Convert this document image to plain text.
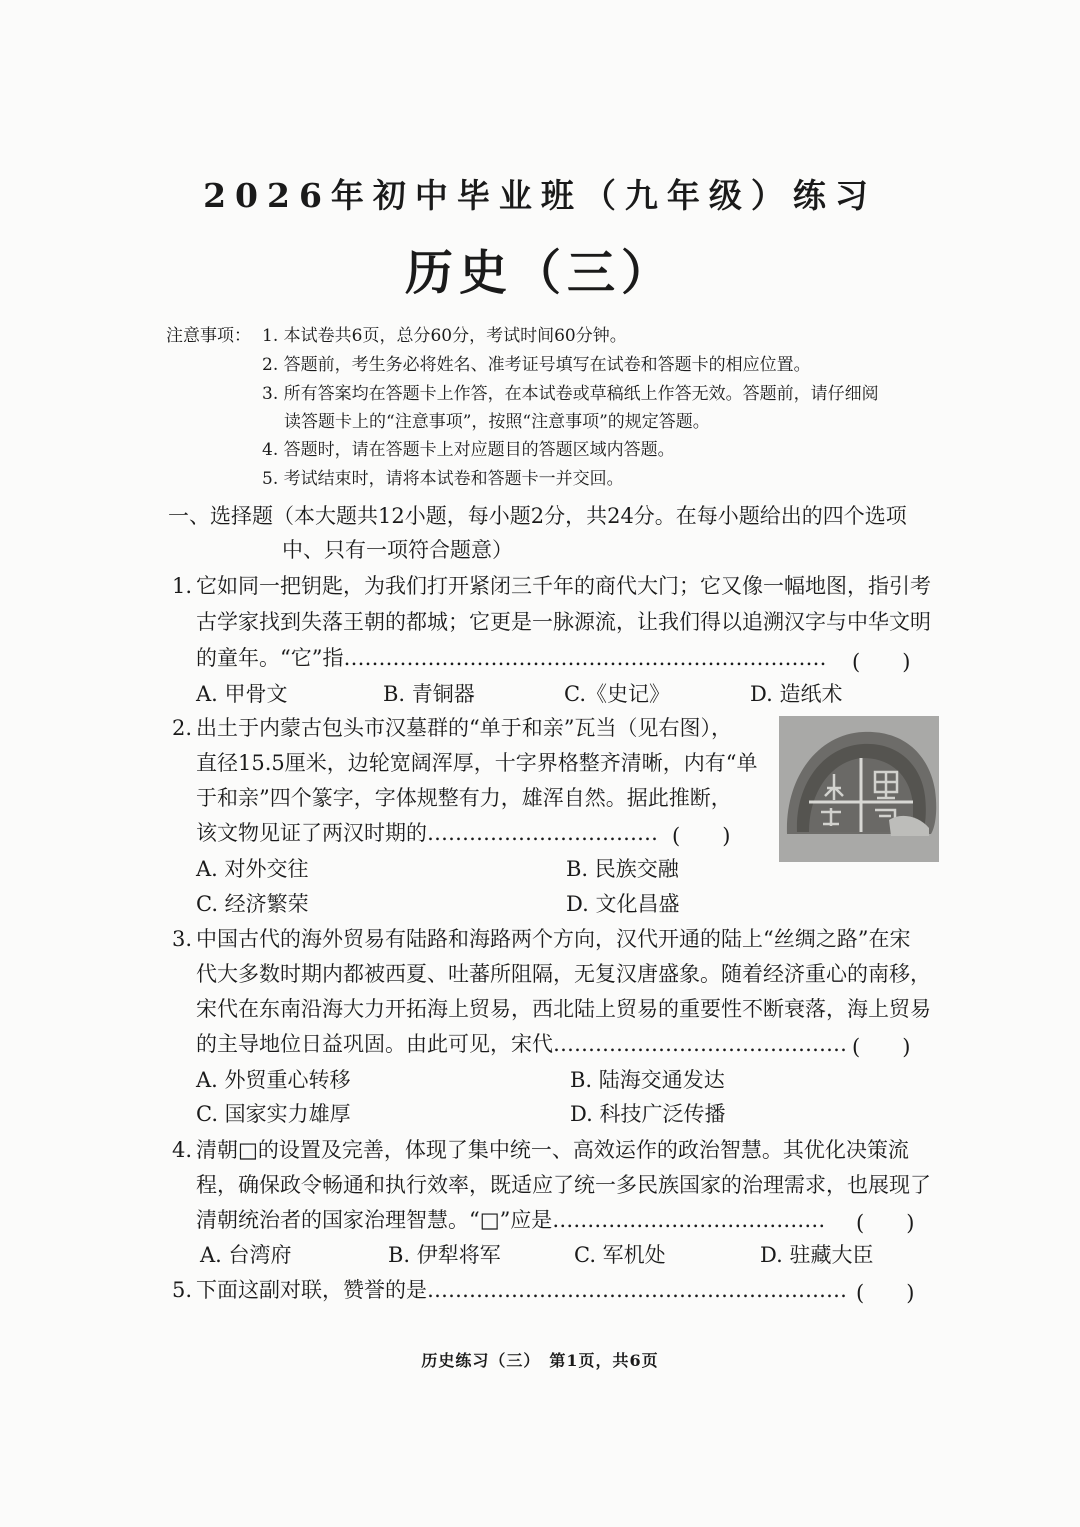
2026年初中毕业班（九年级）练习
历史（三）
注意事项： 1. 本试卷共6页，总分60分，考试时间60分钟。
2. 答题前，考生务必将姓名、准考证号填写在试卷和答题卡的相应位置。
3. 所有答案均在答题卡上作答，在本试卷或草稿纸上作答无效。答题前，请仔细阅
读答题卡上的“注意事项”，按照“注意事项”的规定答题。
4. 答题时，请在答题卡上对应题目的答题区域内答题。
5. 考试结束时，请将本试卷和答题卡一并交回。
一、选择题（本大题共12小题，每小题2分，共24分。在每小题给出的四个选项
中、只有一项符合题意）
1. 它如同一把钥匙，为我们打开紧闭三千年的商代大门；它又像一幅地图，指引考
古学家找到失落王朝的都城；它更是一脉源流，让我们得以追溯汉字与中华文明
的童年。“它”指…………………………………………………………… (　　)
A. 甲骨文	B. 青铜器	C.《史记》	D. 造纸术
2. 出土于内蒙古包头市汉墓群的“单于和亲”瓦当（见右图），
直径15.5厘米，边轮宽阔浑厚，十字界格整齐清晰，内有“单
于和亲”四个篆字，字体规整有力，雄浑自然。据此推断，
该文物见证了两汉时期的…………………………… (　　)
A. 对外交往	B. 民族交融
C. 经济繁荣	D. 文化昌盛
3. 中国古代的海外贸易有陆路和海路两个方向，汉代开通的陆上“丝绸之路”在宋
代大多数时期内都被西夏、吐蕃所阻隔，无复汉唐盛象。随着经济重心的南移，
宋代在东南沿海大力开拓海上贸易，西北陆上贸易的重要性不断衰落，海上贸易
的主导地位日益巩固。由此可见，宋代…………………………………… (　　)
A. 外贸重心转移	B. 陆海交通发达
C. 国家实力雄厚	D. 科技广泛传播
4. 清朝□的设置及完善，体现了集中统一、高效运作的政治智慧。其优化决策流
程，确保政令畅通和执行效率，既适应了统一多民族国家的治理需求，也展现了
清朝统治者的国家治理智慧。“□”应是………………………………… (　　)
A. 台湾府	B. 伊犁将军	C. 军机处	D. 驻藏大臣
5. 下面这副对联，赞誉的是…………………………………………………… (　　)
历史练习（三）　第1页，共6页
